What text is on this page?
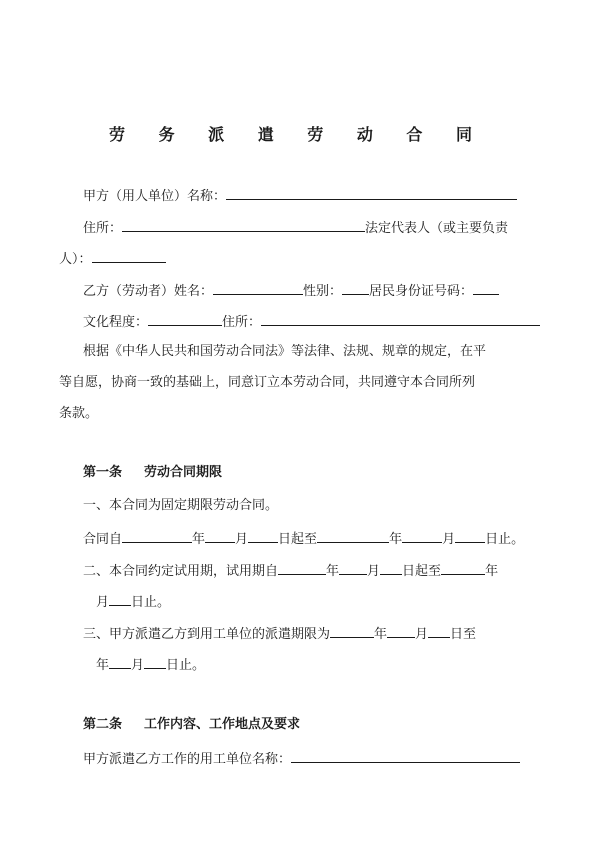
劳 务 派 遣 劳 动 合 同
甲方（用人单位）名称：
住所：	法定代表人（或主要负责
人）：
乙方（劳动者）姓名：	性别： 居民身份证号码：
文化程度：	住所：
根据《中华人民共和国劳动合同法》等法律、法规、规章的规定，在平
等自愿，协商一致的基础上，同意订立本劳动合同，共同遵守本合同所列
条款。
第一条 劳动合同期限
一、本合同为固定期限劳动合同。
合同自	年 月 日起至	年	月 日止。
二、本合同约定试用期，试用期自	年 月 日起至	年
月 日止。
三、甲方派遣乙方到用工单位的派遣期限为	年 月 日至
年 月 日止。
第二条 工作内容、工作地点及要求
甲方派遣乙方工作的用工单位名称：
